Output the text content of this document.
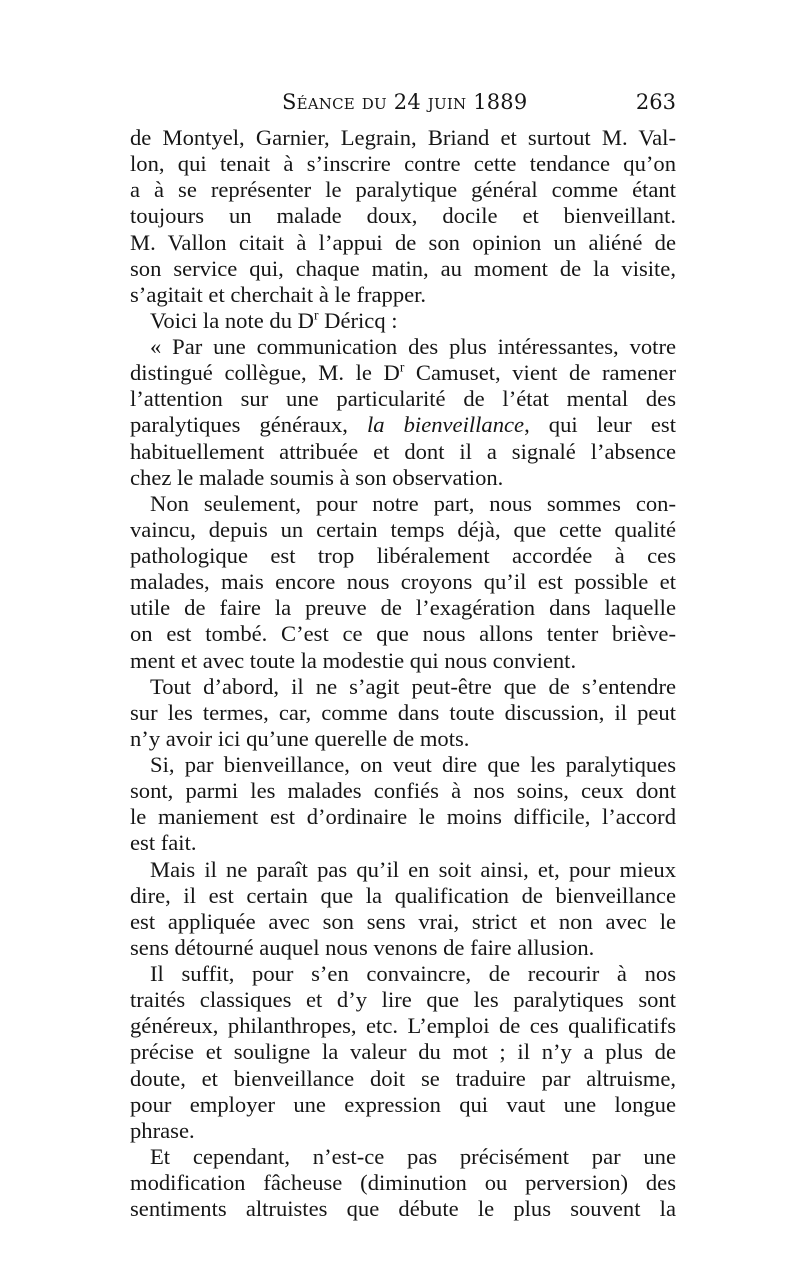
Séance du 24 juin 1889	263
de Montyel, Garnier, Legrain, Briand et surtout M. Val-
lon, qui tenait à s’inscrire contre cette tendance qu’on
a à se représenter le paralytique général comme étant
toujours un malade doux, docile et bienveillant.
M. Vallon citait à l’appui de son opinion un aliéné de
son service qui, chaque matin, au moment de la visite,
s’agitait et cherchait à le frapper.
Voici la note du $D^r$ Déricq :
« Par une communication des plus intéressantes, votre
distingué collègue, M. le $D^r$ Camuset, vient de ramener
l’attention sur une particularité de l’état mental des
paralytiques généraux, la bienveillance, qui leur est
habituellement attribuée et dont il a signalé l’absence
chez le malade soumis à son observation.
Non seulement, pour notre part, nous sommes con-
vaincu, depuis un certain temps déjà, que cette qualité
pathologique est trop libéralement accordée à ces
malades, mais encore nous croyons qu’il est possible et
utile de faire la preuve de l’exagération dans laquelle
on est tombé. C’est ce que nous allons tenter briève-
ment et avec toute la modestie qui nous convient.
Tout d’abord, il ne s’agit peut-être que de s’entendre
sur les termes, car, comme dans toute discussion, il peut
n’y avoir ici qu’une querelle de mots.
Si, par bienveillance, on veut dire que les paralytiques
sont, parmi les malades confiés à nos soins, ceux dont
le maniement est d’ordinaire le moins difficile, l’accord
est fait.
Mais il ne paraît pas qu’il en soit ainsi, et, pour mieux
dire, il est certain que la qualification de bienveillance
est appliquée avec son sens vrai, strict et non avec le
sens détourné auquel nous venons de faire allusion.
Il suffit, pour s’en convaincre, de recourir à nos
traités classiques et d’y lire que les paralytiques sont
généreux, philanthropes, etc. L’emploi de ces qualificatifs
précise et souligne la valeur du mot ; il n’y a plus de
doute, et bienveillance doit se traduire par altruisme,
pour employer une expression qui vaut une longue
phrase.
Et cependant, n’est-ce pas précisément par une
modification fâcheuse (diminution ou perversion) des
sentiments altruistes que débute le plus souvent la
